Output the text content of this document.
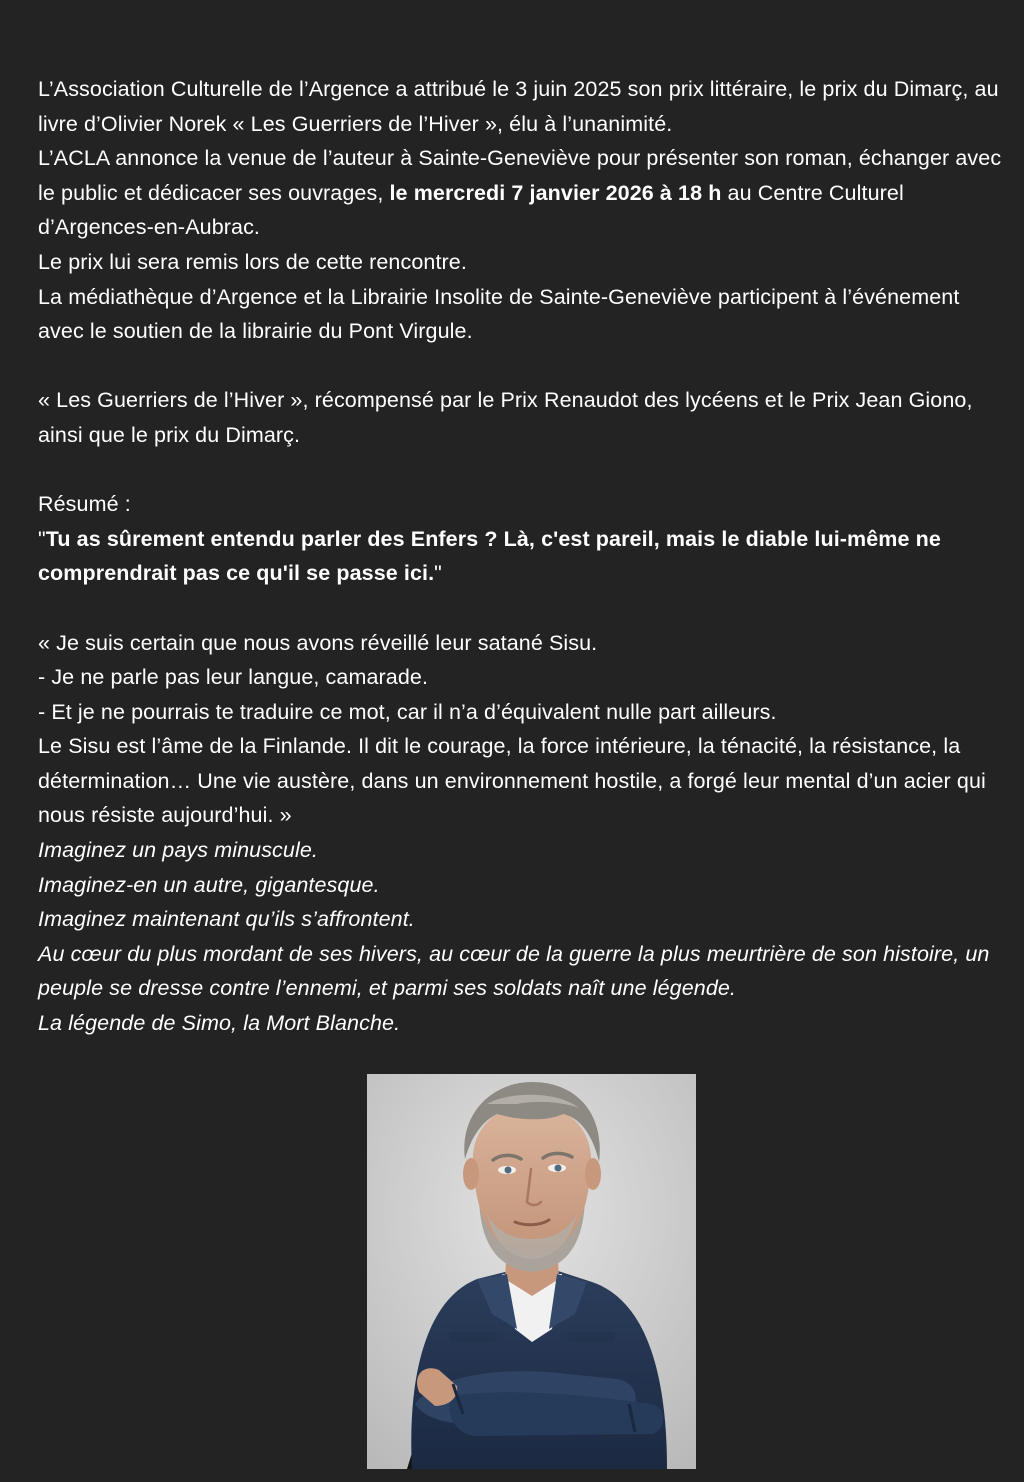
L’Association Culturelle de l’Argence a attribué le 3 juin 2025 son prix littéraire, le prix du Dimarç, au livre d’Olivier Norek « Les Guerriers de l’Hiver », élu à l’unanimité.

L’ACLA annonce la venue de l’auteur à Sainte-Geneviève pour présenter son roman, échanger avec le public et dédicacer ses ouvrages, le mercredi 7 janvier 2026 à 18 h au Centre Culturel d’Argences-en-Aubrac.

Le prix lui sera remis lors de cette rencontre.

La médiathèque d’Argence et la Librairie Insolite de Sainte-Geneviève participent à l’événement avec le soutien de la librairie du Pont Virgule.

« Les Guerriers de l’Hiver », récompensé par le Prix Renaudot des lycéens et le Prix Jean Giono, ainsi que le prix du Dimarç.

Résumé :

"Tu as sûrement entendu parler des Enfers ? Là, c'est pareil, mais le diable lui-même ne comprendrait pas ce qu'il se passe ici."

« Je suis certain que nous avons réveillé leur satané Sisu.

- Je ne parle pas leur langue, camarade.

- Et je ne pourrais te traduire ce mot, car il n’a d’équivalent nulle part ailleurs.

Le Sisu est l’âme de la Finlande. Il dit le courage, la force intérieure, la ténacité, la résistance, la détermination… Une vie austère, dans un environnement hostile, a forgé leur mental d’un acier qui nous résiste aujourd’hui. »

Imaginez un pays minuscule.

Imaginez-en un autre, gigantesque.

Imaginez maintenant qu’ils s’affrontent.

Au cœur du plus mordant de ses hivers, au cœur de la guerre la plus meurtrière de son histoire, un peuple se dresse contre l’ennemi, et parmi ses soldats naît une légende.

La légende de Simo, la Mort Blanche.
